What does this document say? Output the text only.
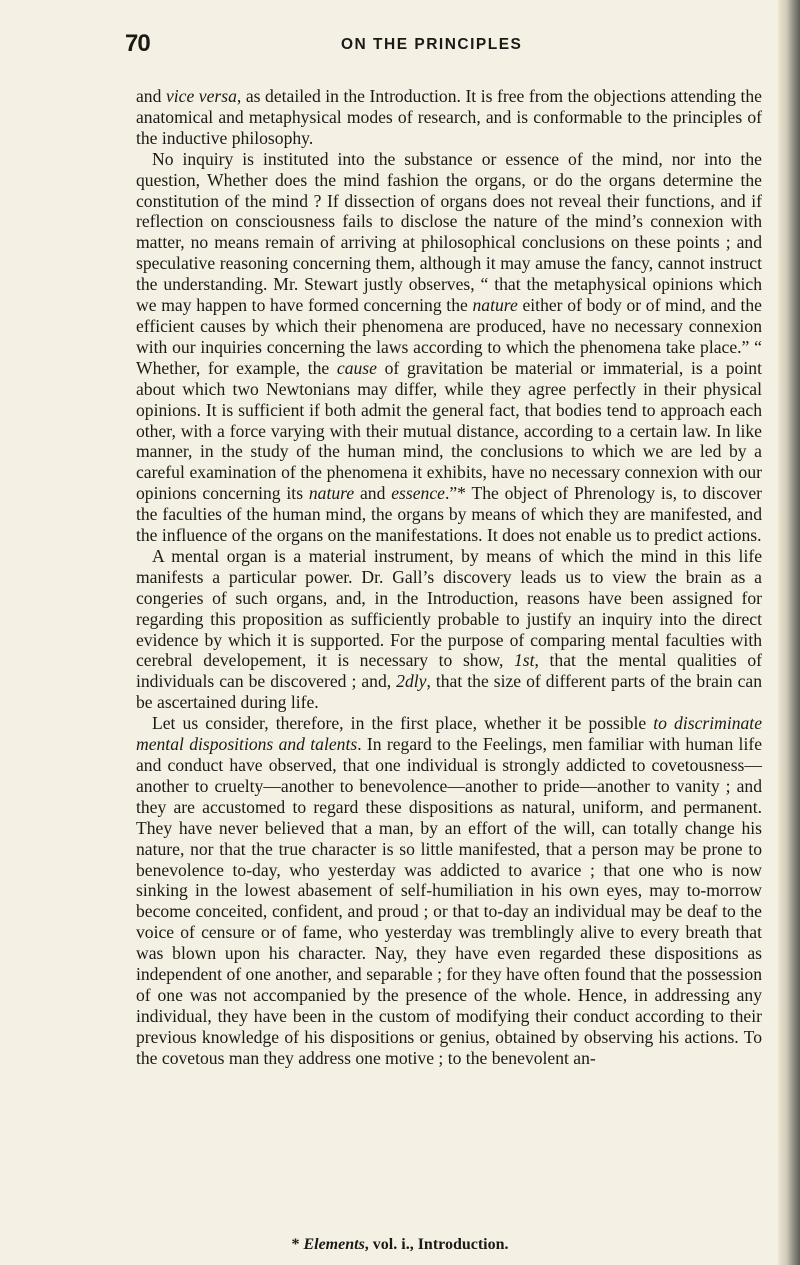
70	ON THE PRINCIPLES

and vice versa, as detailed in the Introduction. It is free from the objections attending the anatomical and metaphysical modes of research, and is conformable to the principles of the inductive philosophy.

No inquiry is instituted into the substance or essence of the mind, nor into the question, Whether does the mind fashion the organs, or do the organs determine the constitution of the mind ? If dissection of organs does not reveal their functions, and if reflection on consciousness fails to disclose the nature of the mind’s connexion with matter, no means remain of arriving at philosophical conclusions on these points ; and speculative reasoning concerning them, although it may amuse the fancy, cannot instruct the understanding. Mr. Stewart justly observes, “ that the metaphysical opinions which we may happen to have formed concerning the nature either of body or of mind, and the efficient causes by which their phenomena are produced, have no necessary connexion with our inquiries concerning the laws according to which the phenomena take place.” “ Whether, for example, the cause of gravitation be material or immaterial, is a point about which two Newtonians may differ, while they agree perfectly in their physical opinions. It is sufficient if both admit the general fact, that bodies tend to approach each other, with a force varying with their mutual distance, according to a certain law. In like manner, in the study of the human mind, the conclusions to which we are led by a careful examination of the phenomena it exhibits, have no necessary connexion with our opinions concerning its nature and essence.”* The object of Phrenology is, to discover the faculties of the human mind, the organs by means of which they are manifested, and the influence of the organs on the manifestations. It does not enable us to predict actions.

A mental organ is a material instrument, by means of which the mind in this life manifests a particular power. Dr. Gall’s discovery leads us to view the brain as a congeries of such organs, and, in the Introduction, reasons have been assigned for regarding this proposition as sufficiently probable to justify an inquiry into the direct evidence by which it is supported. For the purpose of comparing mental faculties with cerebral developement, it is necessary to show, 1st, that the mental qualities of individuals can be discovered ; and, 2dly, that the size of different parts of the brain can be ascertained during life.

Let us consider, therefore, in the first place, whether it be possible to discriminate mental dispositions and talents. In regard to the Feelings, men familiar with human life and conduct have observed, that one individual is strongly addicted to covetousness—another to cruelty—another to benevolence—another to pride—another to vanity ; and they are accustomed to regard these dispositions as natural, uniform, and permanent. They have never believed that a man, by an effort of the will, can totally change his nature, nor that the true character is so little manifested, that a person may be prone to benevolence to-day, who yesterday was addicted to avarice ; that one who is now sinking in the lowest abasement of self-humiliation in his own eyes, may to-morrow become conceited, confident, and proud ; or that to-day an individual may be deaf to the voice of censure or of fame, who yesterday was tremblingly alive to every breath that was blown upon his character. Nay, they have even regarded these dispositions as independent of one another, and separable ; for they have often found that the possession of one was not accompanied by the presence of the whole. Hence, in addressing any individual, they have been in the custom of modifying their conduct according to their previous knowledge of his dispositions or genius, obtained by observing his actions. To the covetous man they address one motive ; to the benevolent an-

* Elements, vol. i., Introduction.
